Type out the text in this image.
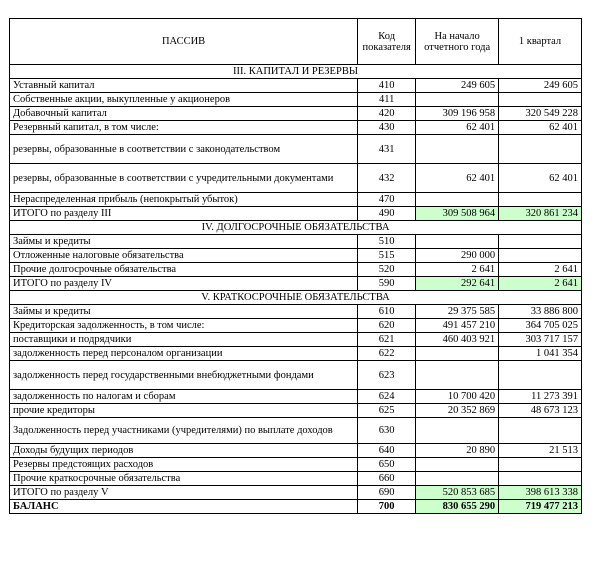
ПАССИВ	Код показателя	На начало отчетного года	1 квартал
III. КАПИТАЛ И РЕЗЕРВЫ			
Уставный капитал	410	249 605	249 605
Собственные акции, выкупленные у акционеров	411		
Добавочный капитал	420	309 196 958	320 549 228
Резервный капитал, в том числе:	430	62 401	62 401
резервы, образованные в соответствии с законодательством	431		
резервы, образованные в соответствии с учредительными документами	432	62 401	62 401
Нераспределенная прибыль (непокрытый убыток)	470		
ИТОГО по разделу III	490	309 508 964	320 861 234
IV. ДОЛГОСРОЧНЫЕ ОБЯЗАТЕЛЬСТВА			
Займы и кредиты	510		
Отложенные налоговые обязательства	515	290 000	
Прочие долгосрочные обязательства	520	2 641	2 641
ИТОГО по разделу IV	590	292 641	2 641
V. КРАТКОСРОЧНЫЕ ОБЯЗАТЕЛЬСТВА			
Займы и кредиты	610	29 375 585	33 886 800
Кредиторская задолженность, в том числе:	620	491 457 210	364 705 025
поставщики и подрядчики	621	460 403 921	303 717 157
задолженность перед персоналом организации	622		1 041 354
задолженность перед государственными внебюджетными фондами	623		
задолженность по налогам и сборам	624	10 700 420	11 273 391
прочие кредиторы	625	20 352 869	48 673 123
Задолженность перед участниками (учредителями) по выплате доходов	630		
Доходы будущих периодов	640	20 890	21 513
Резервы предстоящих расходов	650		
Прочие краткосрочные обязательства	660		
ИТОГО по разделу V	690	520 853 685	398 613 338
БАЛАНС	700	830 655 290	719 477 213
